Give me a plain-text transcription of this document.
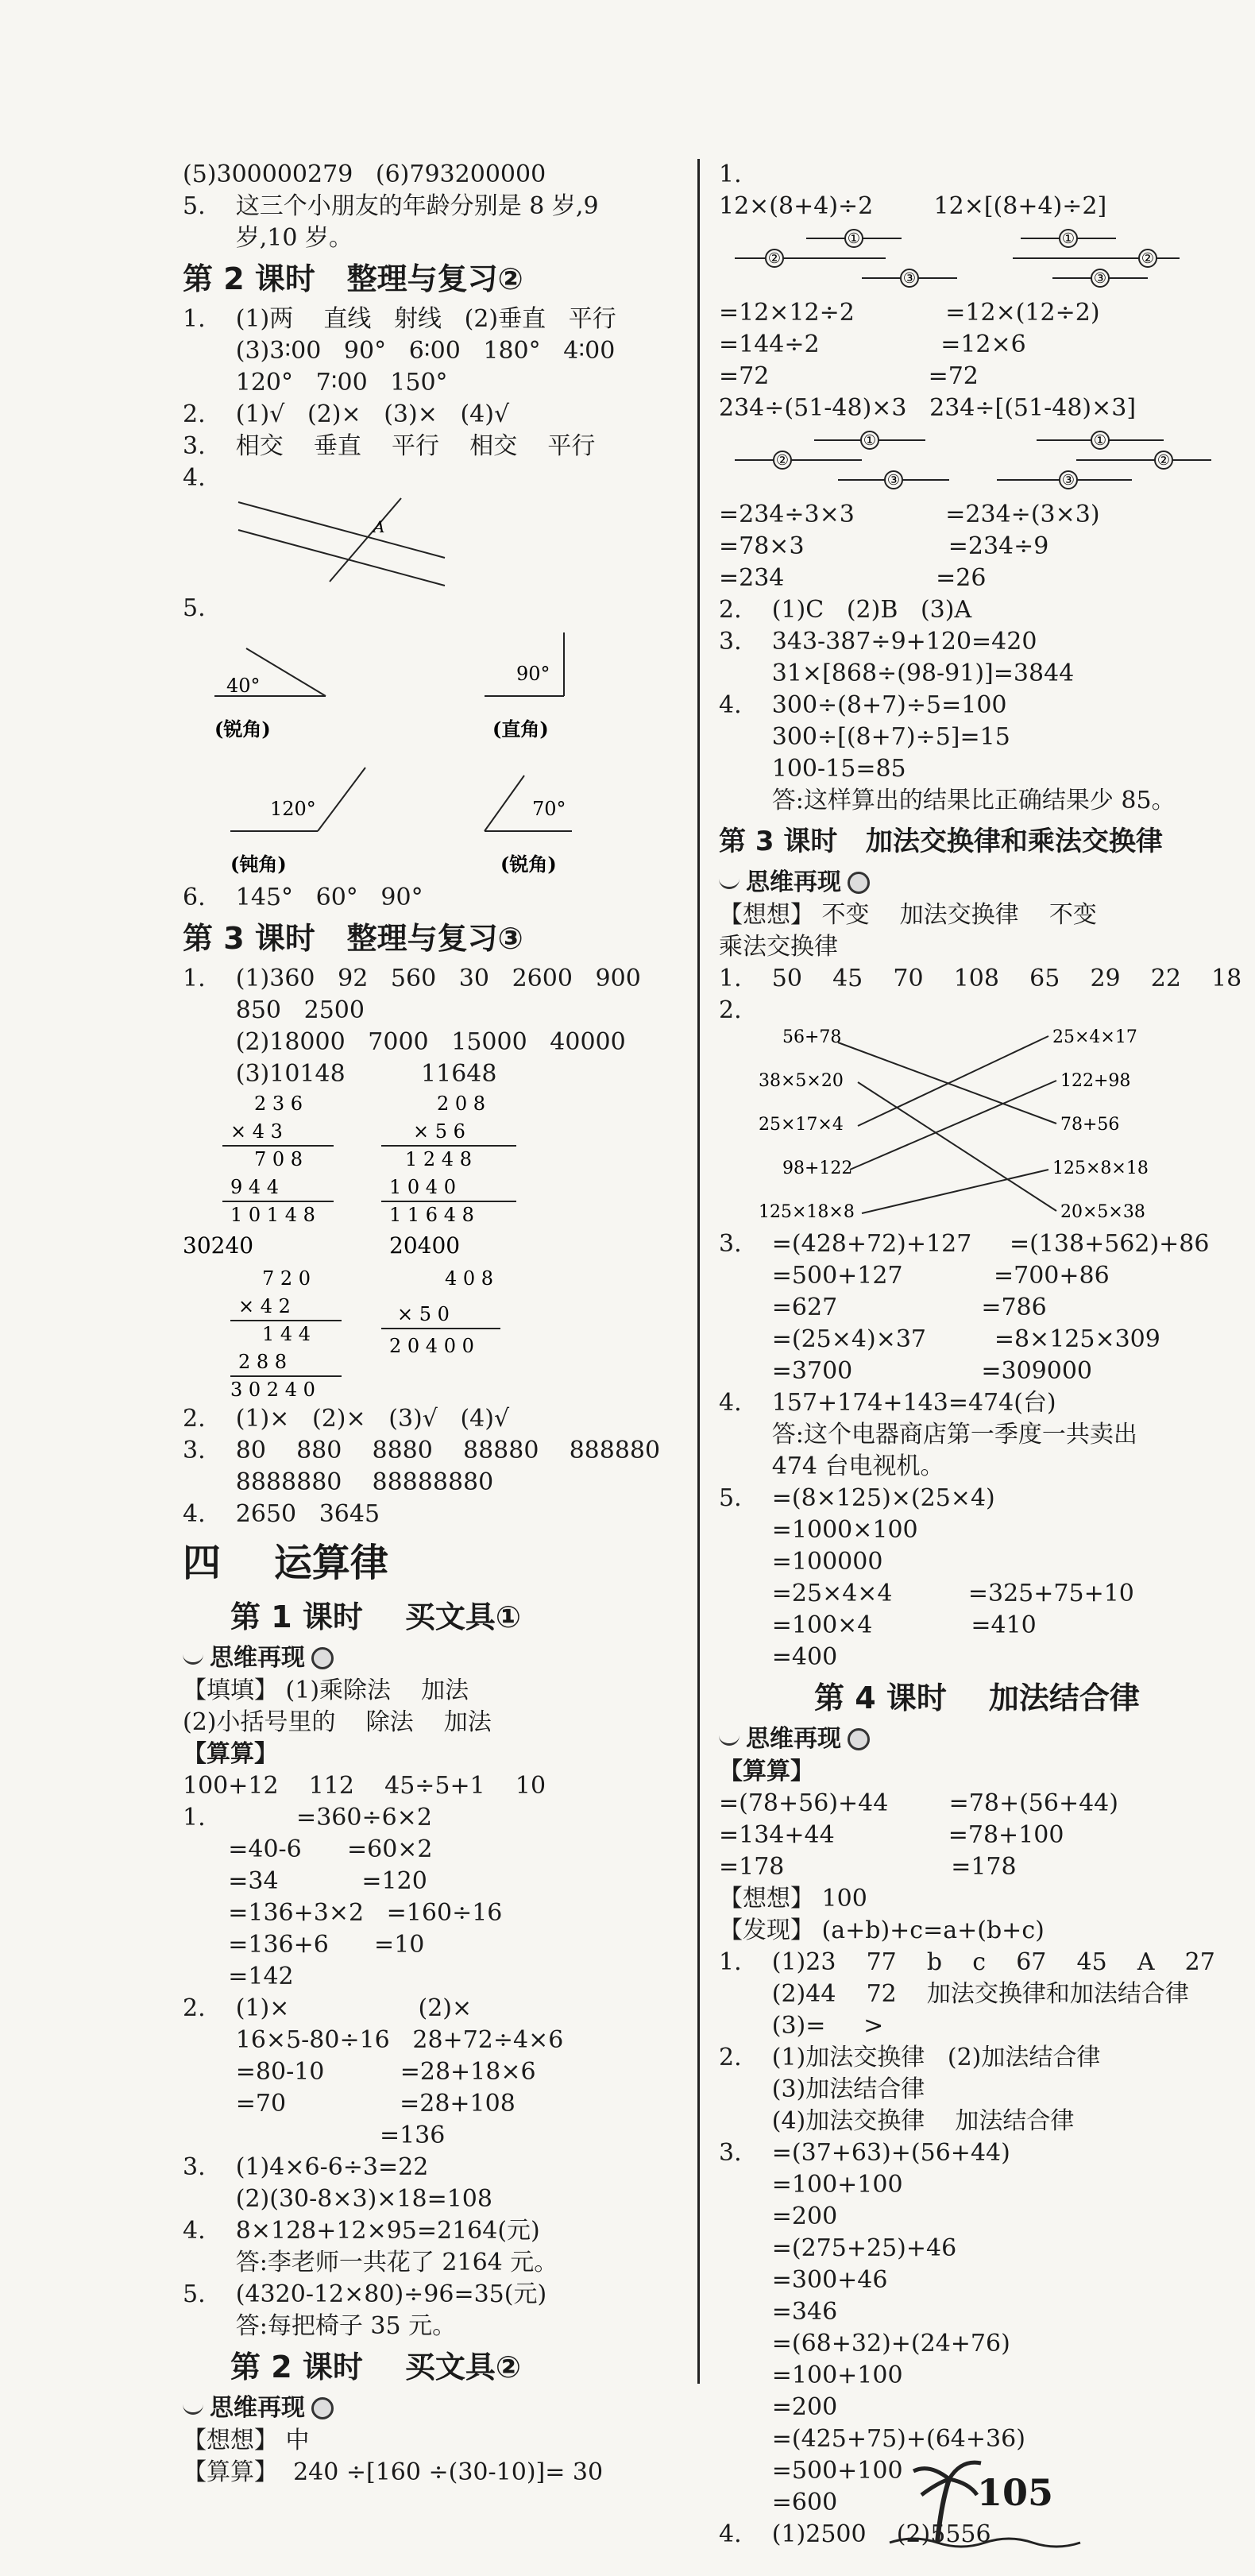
(5)300000279   (6)793200000
5.    这三个小朋友的年龄分别是 8 岁,9
岁,10 岁。
第 2 课时   整理与复习②
1.    (1)两    直线   射线   (2)垂直   平行
(3)3∶00   90°   6∶00   180°   4∶00
120°   7∶00   150°
2.    (1)√   (2)×   (3)×   (4)√
3.    相交    垂直    平行    相交    平行
4.
A
5.
40°
(锐角)
90°
(直角)
120°
(钝角)
70°
(锐角)
6.    145°   60°   90°
第 3 课时   整理与复习③
1.    (1)360   92   560   30   2600   900
850   2500
(2)18000   7000   15000   40000
(3)10148          11648
2 3 6
× 4 3
7 0 8
9 4 4
1 0 1 4 8
2 0 8
× 5 6
1 2 4 8
1 0 4 0
1 1 6 4 8
30240	20400
7 2 0
× 4 2
1 4 4
2 8 8
3 0 2 4 0
4 0 8
× 5 0
2 0 4 0 0
2.    (1)×   (2)×   (3)√   (4)√
3.    80    880    8880    88880    888880
8888880    88888880
4.    2650   3645
四    运算律
第 1 课时    买文具①
思维再现
【填填】 (1)乘除法    加法
(2)小括号里的    除法    加法
【算算】
100+12    112    45÷5+1    10
1.            =360÷6×2
=40-6      =60×2
=34           =120
=136+3×2   =160÷16
=136+6      =10
=142
2.    (1)×                 (2)×
16×5-80÷16   28+72÷4×6
=80-10          =28+18×6
=70               =28+108
=136
3.    (1)4×6-6÷3=22
(2)(30-8×3)×18=108
4.    8×128+12×95=2164(元)
答:李老师一共花了 2164 元。
5.    (4320-12×80)÷96=35(元)
答:每把椅子 35 元。
第 2 课时    买文具②
思维再现
【想想】 中
【算算】  240 ÷[160 ÷(30-10)]= 30
1.
12×(8+4)÷2        12×[(8+4)÷2]
①
②
③
①
②
③
=12×12÷2            =12×(12÷2)
=144÷2                =12×6
=72                     =72
234÷(51-48)×3   234÷[(51-48)×3]
①
②
③
①
②
③
=234÷3×3            =234÷(3×3)
=78×3                   =234÷9
=234                    =26
2.    (1)C   (2)B   (3)A
3.    343-387÷9+120=420
31×[868÷(98-91)]=3844
4.    300÷(8+7)÷5=100
300÷[(8+7)÷5]=15
100-15=85
答:这样算出的结果比正确结果少 85。
第 3 课时   加法交换律和乘法交换律
思维再现
【想想】 不变    加法交换律    不变
乘法交换律
1.    50    45    70    108    65    29    22    18
2.
56+78
38×5×20
25×17×4
98+122
125×18×8
25×4×17
122+98
78+56
125×8×18
20×5×38
3.    =(428+72)+127     =(138+562)+86
=500+127            =700+86
=627                   =786
=(25×4)×37         =8×125×309
=3700                 =309000
4.    157+174+143=474(台)
答:这个电器商店第一季度一共卖出
474 台电视机。
5.    =(8×125)×(25×4)
=1000×100
=100000
=25×4×4          =325+75+10
=100×4             =410
=400
第 4 课时    加法结合律
思维再现
【算算】
=(78+56)+44        =78+(56+44)
=134+44               =78+100
=178                      =178
【想想】 100
【发现】 (a+b)+c=a+(b+c)
1.    (1)23    77    b    c    67    45    A    27
(2)44    72    加法交换律和加法结合律
(3)=     >
2.    (1)加法交换律   (2)加法结合律
(3)加法结合律
(4)加法交换律    加法结合律
3.    =(37+63)+(56+44)
=100+100
=200
=(275+25)+46
=300+46
=346
=(68+32)+(24+76)
=100+100
=200
=(425+75)+(64+36)
=500+100
=600
4.    (1)2500    (2)5556
105
